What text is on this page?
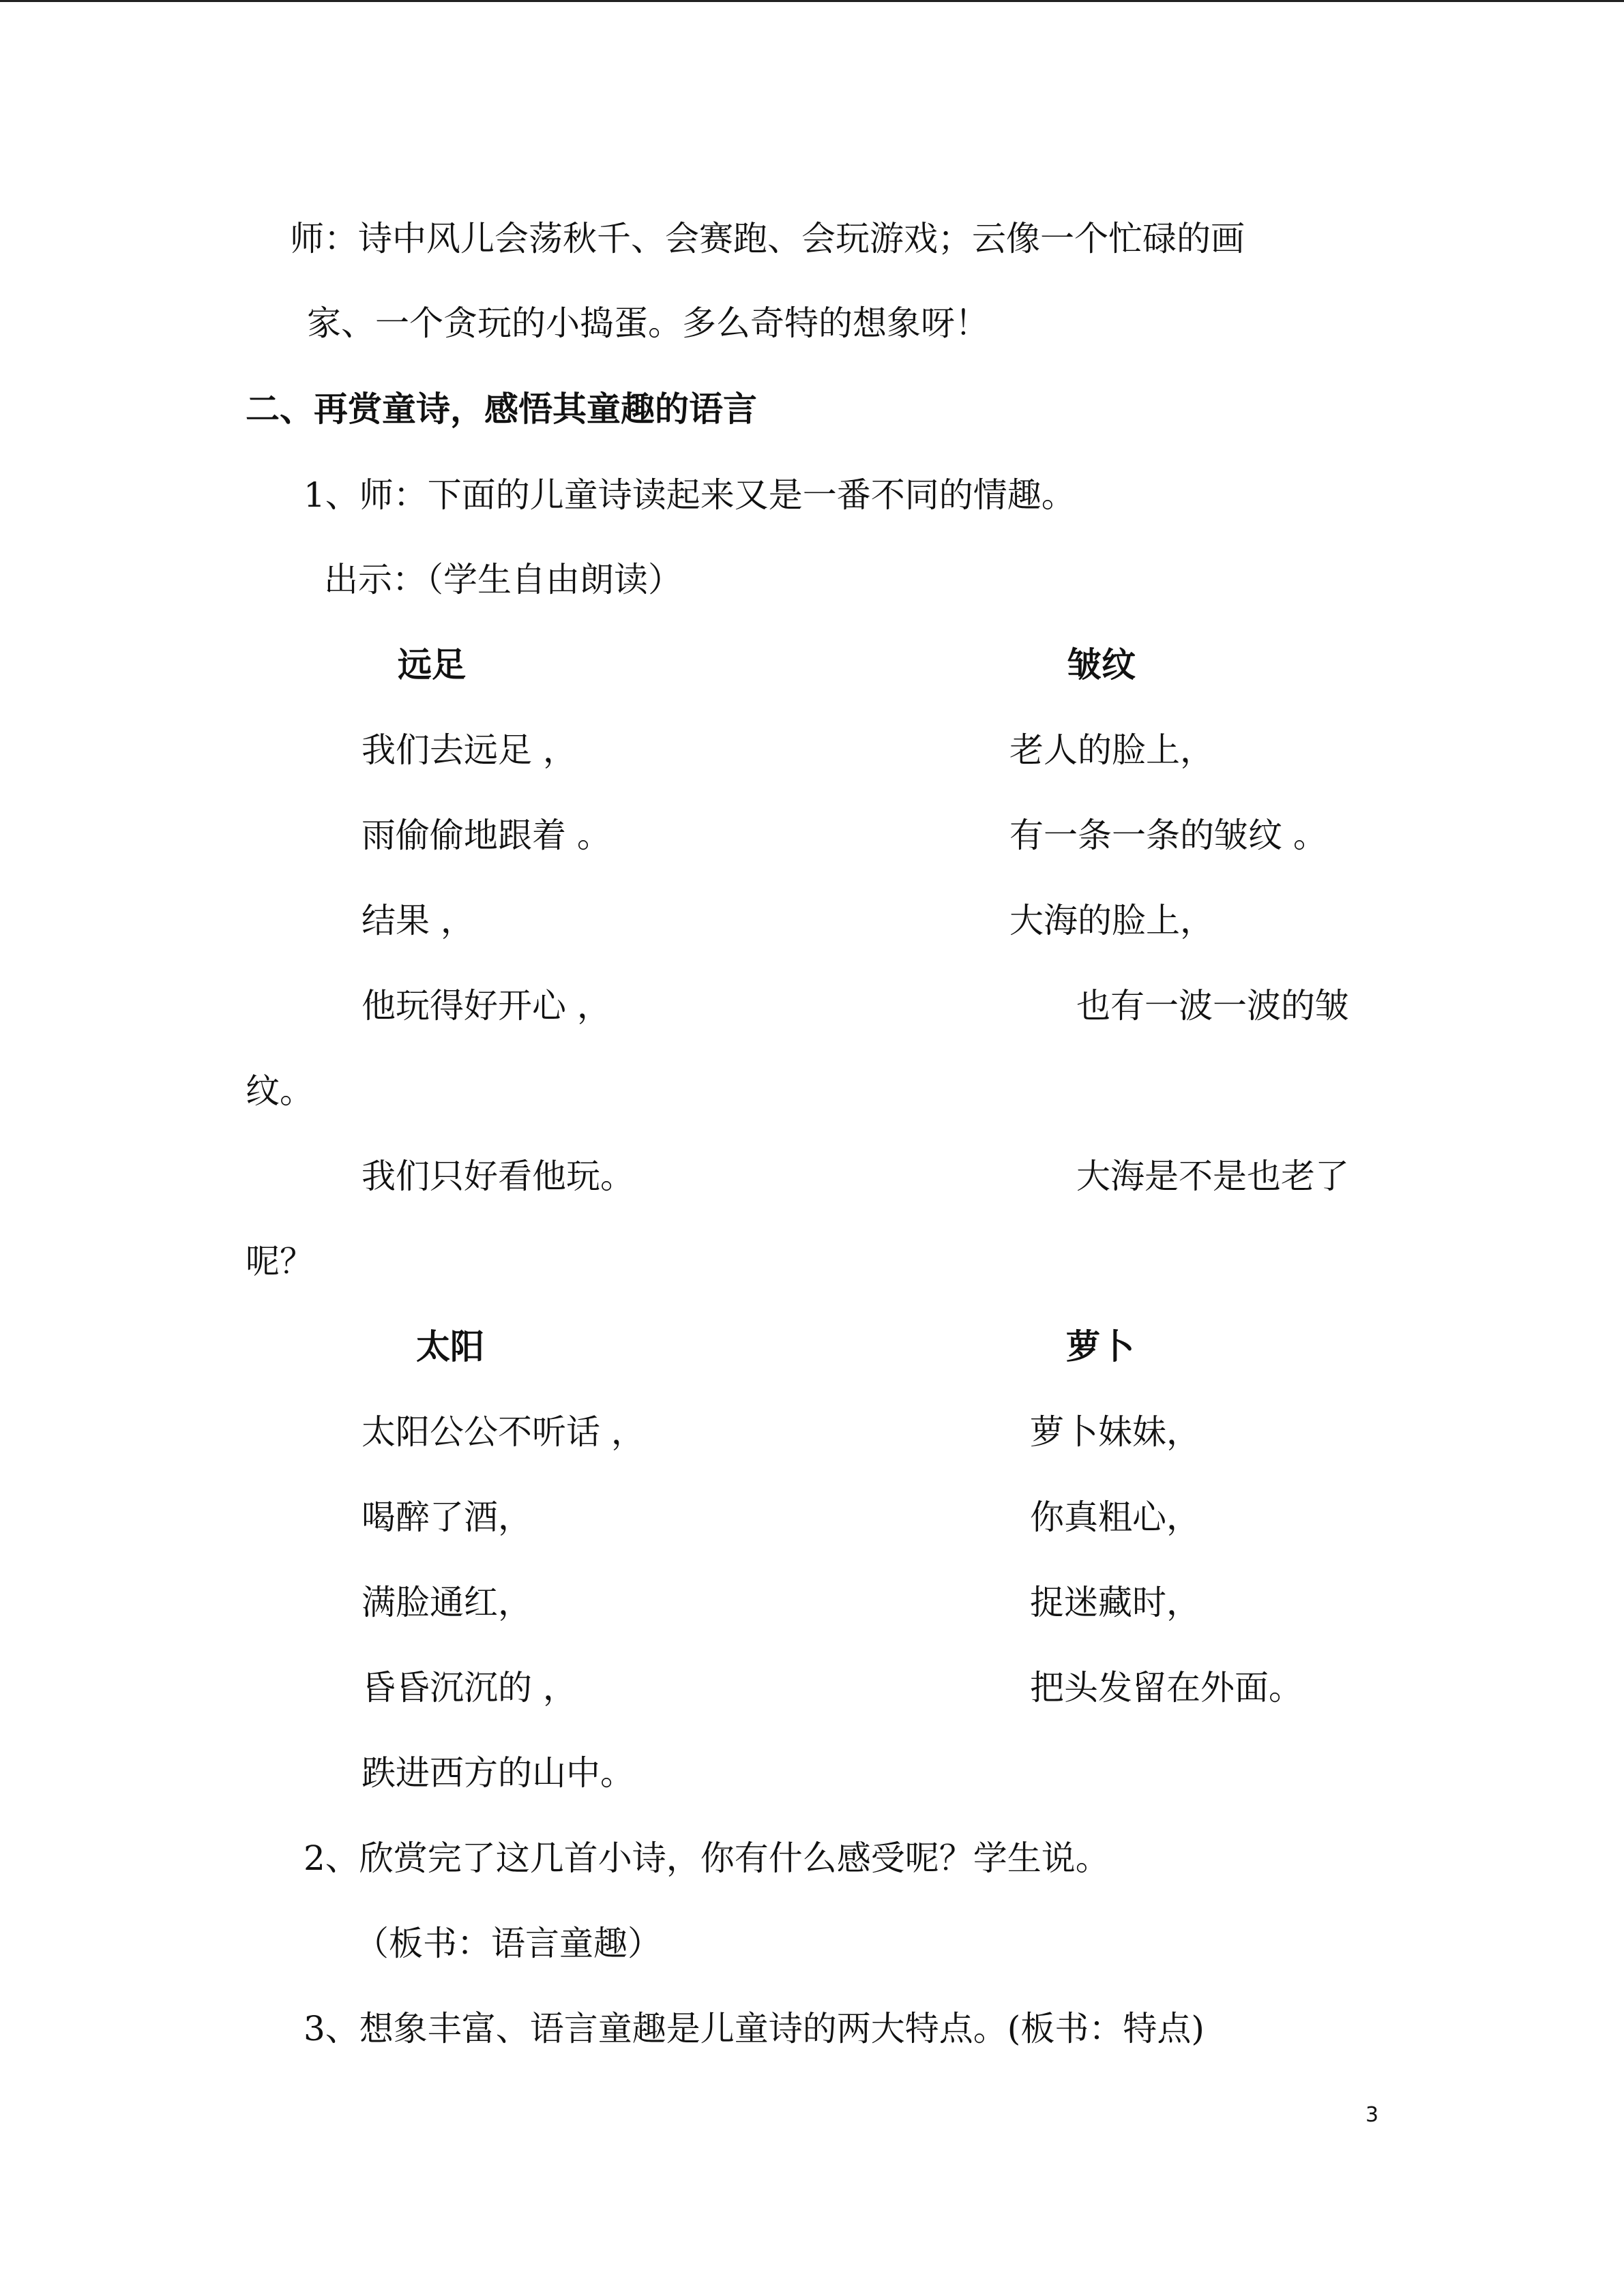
师：诗中风儿会荡秋千、会赛跑、会玩游戏；云像一个忙碌的画
家、一个贪玩的小捣蛋。多么奇特的想象呀！
二、再赏童诗，感悟其童趣的语言
1、师：下面的儿童诗读起来又是一番不同的情趣。
出示：（学生自由朗读）
远足	皱纹
我们去远足 ，
雨偷偷地跟着 。
结果 ，
他玩得好开心 ，
我们只好看他玩。
老人的脸上，
有一条一条的皱纹 。
大海的脸上，
也有一波一波的皱
纹。
大海是不是也老了
呢？
太阳	萝卜
太阳公公不听话 ，
喝醉了酒，
满脸通红，
昏昏沉沉的 ，
跌进西方的山中。
萝卜妹妹，
你真粗心，
捉迷藏时，
把头发留在外面。
2、欣赏完了这几首小诗，你有什么感受呢？学生说。
（板书：语言童趣）
3、想象丰富、语言童趣是儿童诗的两大特点。(板书：特点)
3
